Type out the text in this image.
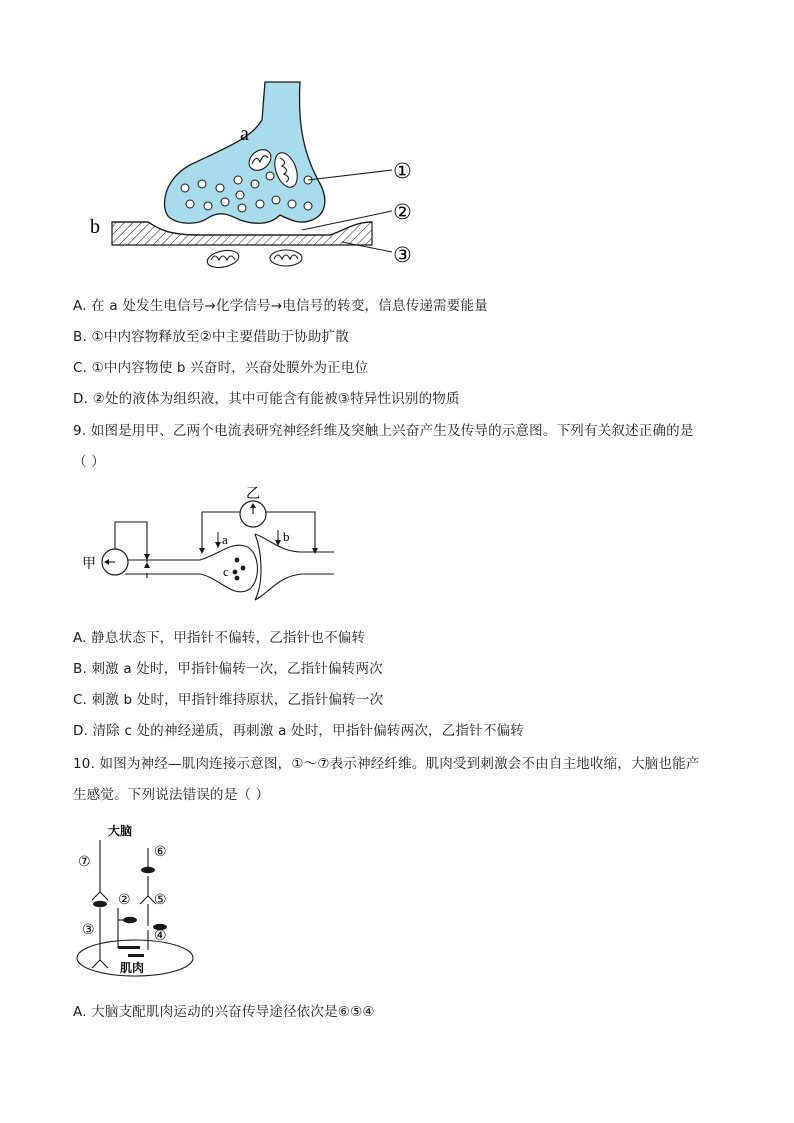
a
b
①
②
③
A. 在 a 处发生电信号→化学信号→电信号的转变，信息传递需要能量
B. ①中内容物释放至②中主要借助于协助扩散
C. ①中内容物使 b 兴奋时，兴奋处膜外为正电位
D. ②处的液体为组织液，其中可能含有能被③特异性识别的物质
9. 如图是用甲、乙两个电流表研究神经纤维及突触上兴奋产生及传导的示意图。下列有关叙述正确的是
（ ）
甲
乙
a	b
c
A. 静息状态下，甲指针不偏转，乙指针也不偏转
B. 刺激 a 处时，甲指针偏转一次，乙指针偏转两次
C. 刺激 b 处时，甲指针维持原状，乙指针偏转一次
D. 清除 c 处的神经递质，再刺激 a 处时，甲指针偏转两次，乙指针不偏转
10. 如图为神经—肌肉连接示意图，①～⑦表示神经纤维。肌肉受到刺激会不由自主地收缩，大脑也能产
生感觉。下列说法错误的是（ ）
大脑
肌肉
⑦
⑥
② ⑤
③	④
A. 大脑支配肌肉运动的兴奋传导途径依次是⑥⑤④
